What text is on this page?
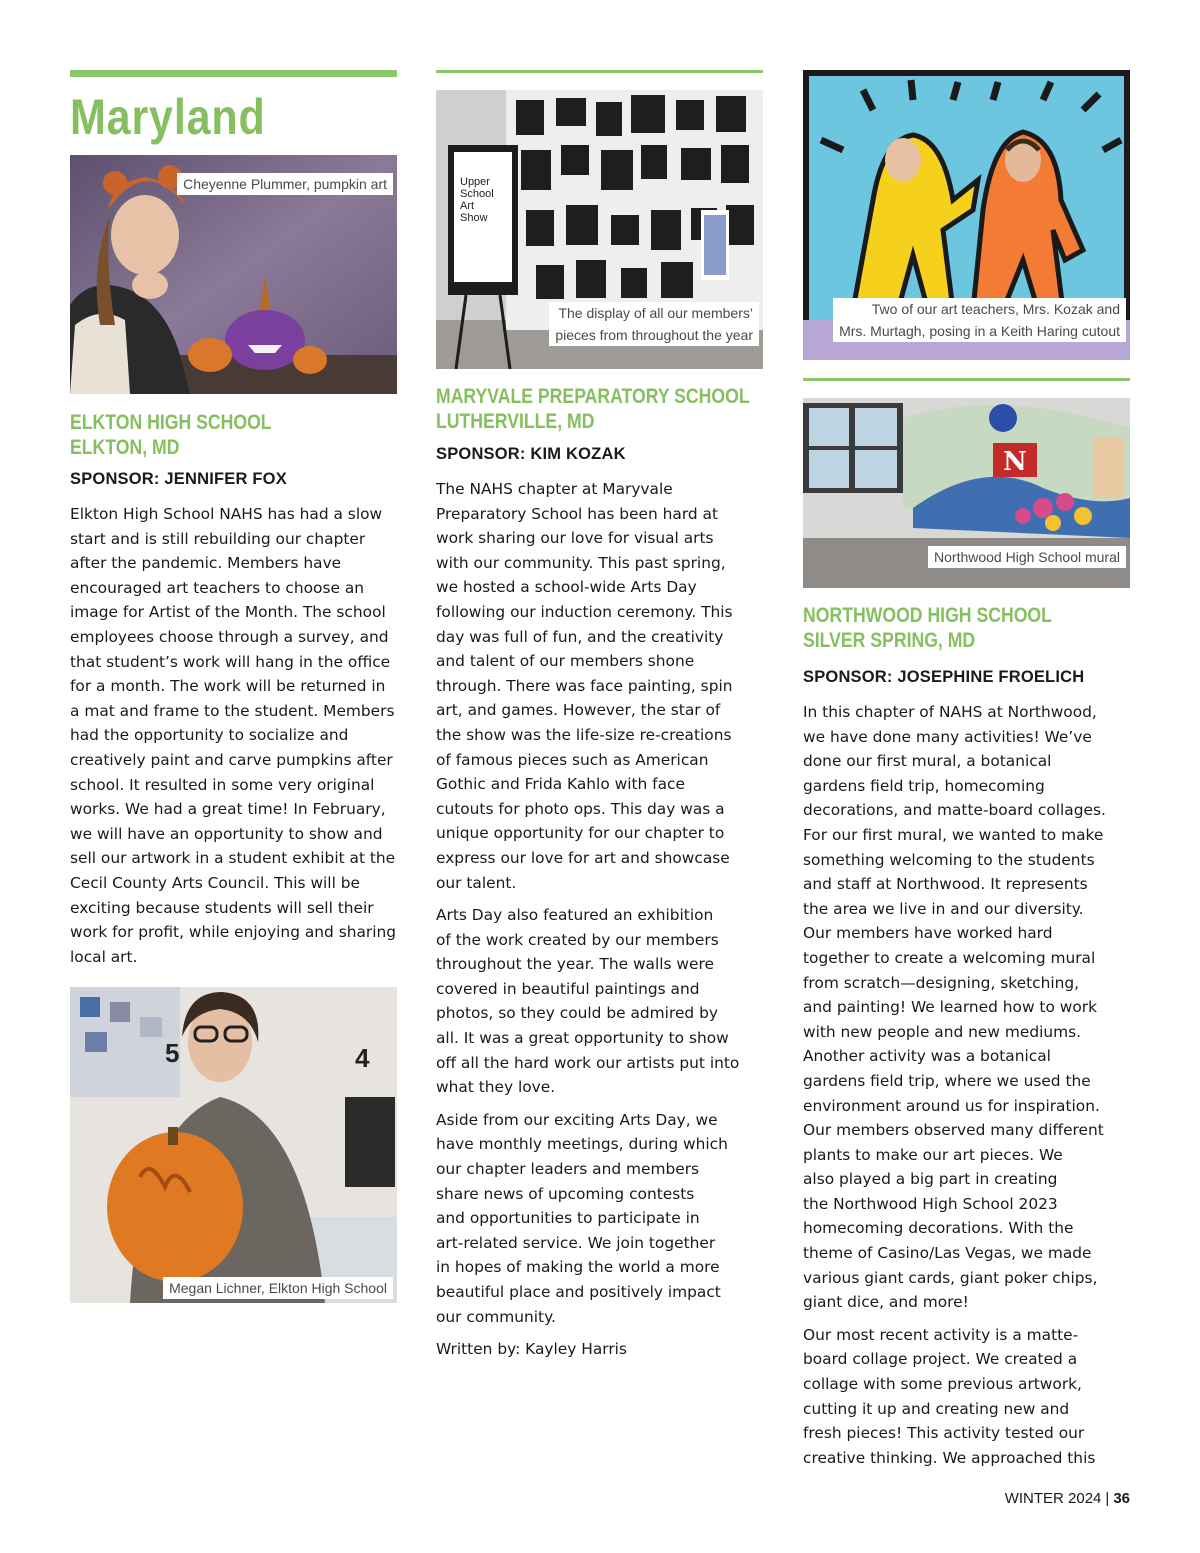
Maryland
Cheyenne Plummer, pumpkin art
ELKTON HIGH SCHOOL
ELKTON, MD
SPONSOR: JENNIFER FOX

Elkton High School NAHS has had a slow
start and is still rebuilding our chapter
after the pandemic. Members have
encouraged art teachers to choose an
image for Artist of the Month. The school
employees choose through a survey, and
that student’s work will hang in the office
for a month. The work will be returned in
a mat and frame to the student. Members
had the opportunity to socialize and
creatively paint and carve pumpkins after
school. It resulted in some very original
works. We had a great time! In February,
we will have an opportunity to show and
sell our artwork in a student exhibit at the
Cecil County Arts Council. This will be
exciting because students will sell their
work for profit, while enjoying and sharing
local art.

5	4
Megan Lichner, Elkton High School
Upper School Art Show
The display of all our members’
pieces from throughout the year
MARYVALE PREPARATORY SCHOOL
LUTHERVILLE, MD
SPONSOR: KIM KOZAK

The NAHS chapter at Maryvale
Preparatory School has been hard at
work sharing our love for visual arts
with our community. This past spring,
we hosted a school-wide Arts Day
following our induction ceremony. This
day was full of fun, and the creativity
and talent of our members shone
through. There was face painting, spin
art, and games. However, the star of
the show was the life-size re-creations
of famous pieces such as American
Gothic and Frida Kahlo with face
cutouts for photo ops. This day was a
unique opportunity for our chapter to
express our love for art and showcase
our talent.

Arts Day also featured an exhibition
of the work created by our members
throughout the year. The walls were
covered in beautiful paintings and
photos, so they could be admired by
all. It was a great opportunity to show
off all the hard work our artists put into
what they love.

Aside from our exciting Arts Day, we
have monthly meetings, during which
our chapter leaders and members
share news of upcoming contests
and opportunities to participate in
art-related service. We join together
in hopes of making the world a more
beautiful place and positively impact
our community.

Written by: Kayley Harris

Two of our art teachers, Mrs. Kozak and
Mrs. Murtagh, posing in a Keith Haring cutout
N
Northwood High School mural
NORTHWOOD HIGH SCHOOL
SILVER SPRING, MD
SPONSOR: JOSEPHINE FROELICH

In this chapter of NAHS at Northwood,
we have done many activities! We’ve
done our first mural, a botanical
gardens field trip, homecoming
decorations, and matte-board collages.
For our first mural, we wanted to make
something welcoming to the students
and staff at Northwood. It represents
the area we live in and our diversity.
Our members have worked hard
together to create a welcoming mural
from scratch—designing, sketching,
and painting! We learned how to work
with new people and new mediums.
Another activity was a botanical
gardens field trip, where we used the
environment around us for inspiration.
Our members observed many different
plants to make our art pieces. We
also played a big part in creating
the Northwood High School 2023
homecoming decorations. With the
theme of Casino/Las Vegas, we made
various giant cards, giant poker chips,
giant dice, and more!

Our most recent activity is a matte-
board collage project. We created a
collage with some previous artwork,
cutting it up and creating new and
fresh pieces! This activity tested our
creative thinking. We approached this

WINTER 2024 | 36
